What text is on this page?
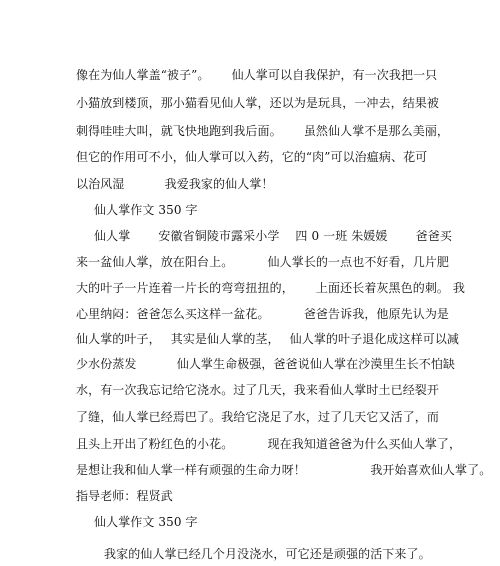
像在为仙人掌盖“被子”。　　 仙人掌可以自我保护，有一次我把一只
小猫放到楼顶，那小猫看见仙人掌，还以为是玩具，一冲去，结果被
刺得哇哇大叫，就飞快地跑到我后面。　　 虽然仙人掌不是那么美丽，
但它的作用可不小，仙人掌可以入药，它的“肉”可以治瘟病、花可
以治风湿　　　 我爱我家的仙人掌！
仙人掌作文 350 字
仙人掌　　 安徽省铜陵市露采小学　 四 0 一班 朱媛媛　　 爸爸买
来一盆仙人掌，放在阳台上。　　　 仙人掌长的一点也不好看，几片肥
大的叶子一片连着一片长的弯弯扭扭的，　　 上面还长着灰黑色的刺。 我
心里纳闷：爸爸怎么买这样一盆花。　　　 爸爸告诉我，他原先认为是
仙人掌的叶子，　 其实是仙人掌的茎，　 仙人掌的叶子退化成这样可以减
少水份蒸发　　　 仙人掌生命极强，爸爸说仙人掌在沙漠里生长不怕缺
水，有一次我忘记给它浇水。过了几天，我来看仙人掌时土已经裂开
了缝，仙人掌已经焉巴了。我给它浇足了水，过了几天它又活了，而
且头上开出了粉红色的小花。　　　 现在我知道爸爸为什么买仙人掌了，
是想让我和仙人掌一样有顽强的生命力呀！　　　　　 我开始喜欢仙人掌了。
指导老师：程贤武
仙人掌作文 350 字
我家的仙人掌已经几个月没浇水，可它还是顽强的活下来了。
